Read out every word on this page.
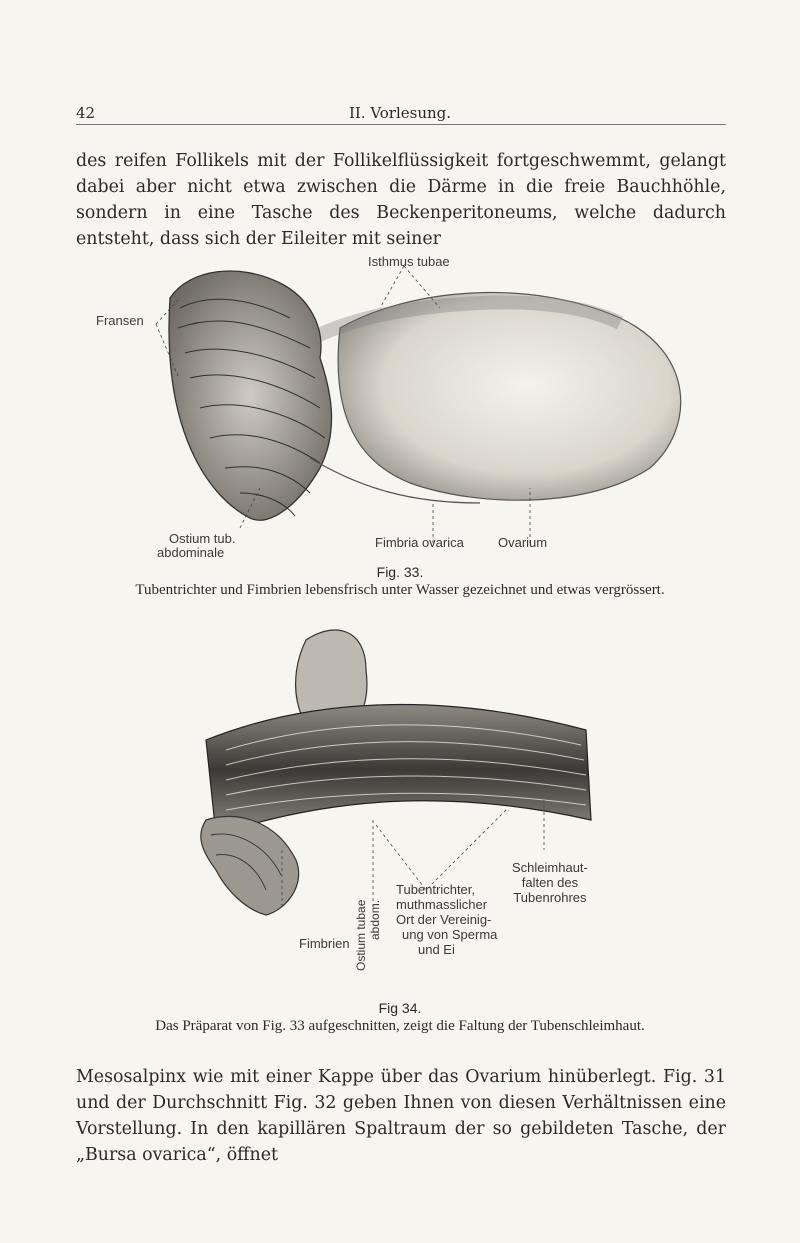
42	II. Vorlesung.
des reifen Follikels mit der Follikelflüssigkeit fortgeschwemmt, gelangt dabei aber nicht etwa zwischen die Därme in die freie Bauchhöhle, sondern in eine Tasche des Beckenperitoneums, welche dadurch entsteht, dass sich der Eileiter mit seiner
Isthmus tubae
Fransen
Ostium tub.
abdominale
Fimbria ovarica	Ovarium
Fig. 33.
Tubentrichter und Fimbrien lebensfrisch unter Wasser gezeichnet und etwas vergrössert.
Fimbrien Ostium tubae abdom.
Tubentrichter,
muthmasslicher
Ort der Vereinig-
ung von Sperma
und Ei
Schleimhaut-
falten des
Tubenrohres
Fig 34.
Das Präparat von Fig. 33 aufgeschnitten, zeigt die Faltung der Tubenschleimhaut.
Mesosalpinx wie mit einer Kappe über das Ovarium hinüberlegt. Fig. 31 und der Durchschnitt Fig. 32 geben Ihnen von diesen Verhältnissen eine Vorstellung. In den kapillären Spaltraum der so gebildeten Tasche, der „Bursa ovarica“, öffnet
